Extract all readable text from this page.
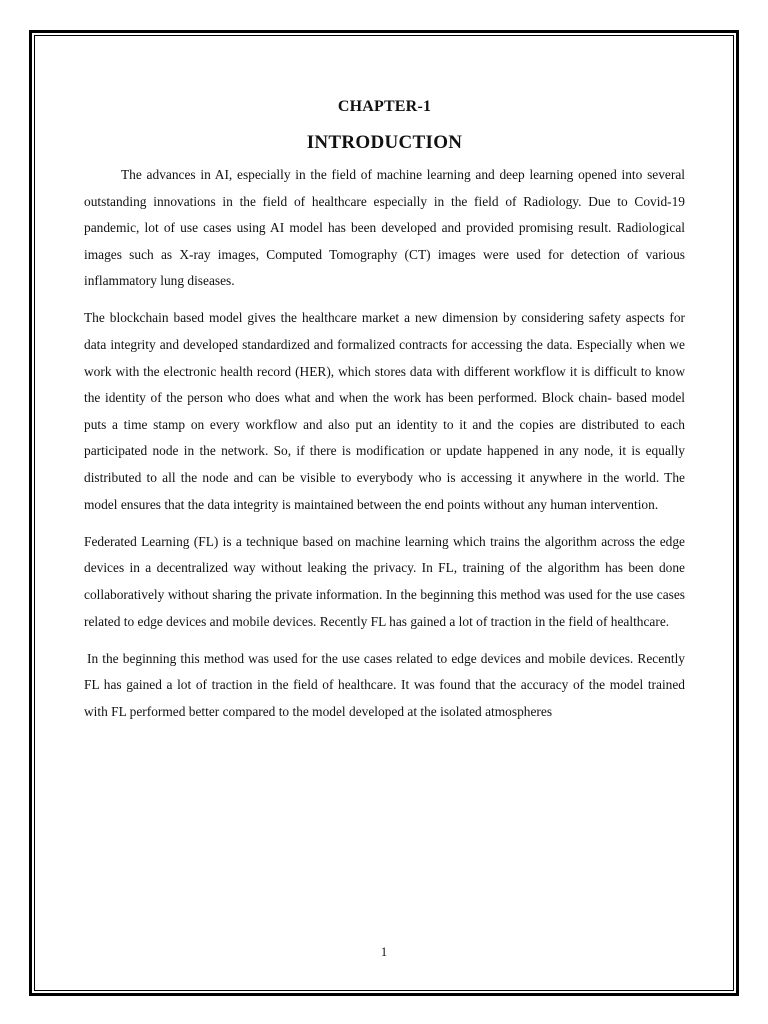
CHAPTER-1

INTRODUCTION

The advances in AI, especially in the field of machine learning and deep learning opened into several outstanding innovations in the field of healthcare especially in the field of Radiology. Due to Covid-19 pandemic, lot of use cases using AI model has been developed and provided promising result. Radiological images such as X-ray images, Computed Tomography (CT) images were used for detection of various inflammatory lung diseases.

The blockchain based model gives the healthcare market a new dimension by considering safety aspects for data integrity and developed standardized and formalized contracts for accessing the data. Especially when we work with the electronic health record (HER), which stores data with different workflow it is difficult to know the identity of the person who does what and when the work has been performed. Block chain- based model puts a time stamp on every workflow and also put an identity to it and the copies are distributed to each participated node in the network. So, if there is modification or update happened in any node, it is equally distributed to all the node and can be visible to everybody who is accessing it anywhere in the world. The model ensures that the data integrity is maintained between the end points without any human intervention.

Federated Learning (FL) is a technique based on machine learning which trains the algorithm across the edge devices in a decentralized way without leaking the privacy. In FL, training of the algorithm has been done collaboratively without sharing the private information. In the beginning this method was used for the use cases related to edge devices and mobile devices. Recently FL has gained a lot of traction in the field of healthcare.

In the beginning this method was used for the use cases related to edge devices and mobile devices. Recently FL has gained a lot of traction in the field of healthcare. It was found that the accuracy of the model trained with FL performed better compared to the model developed at the isolated atmospheres

1
